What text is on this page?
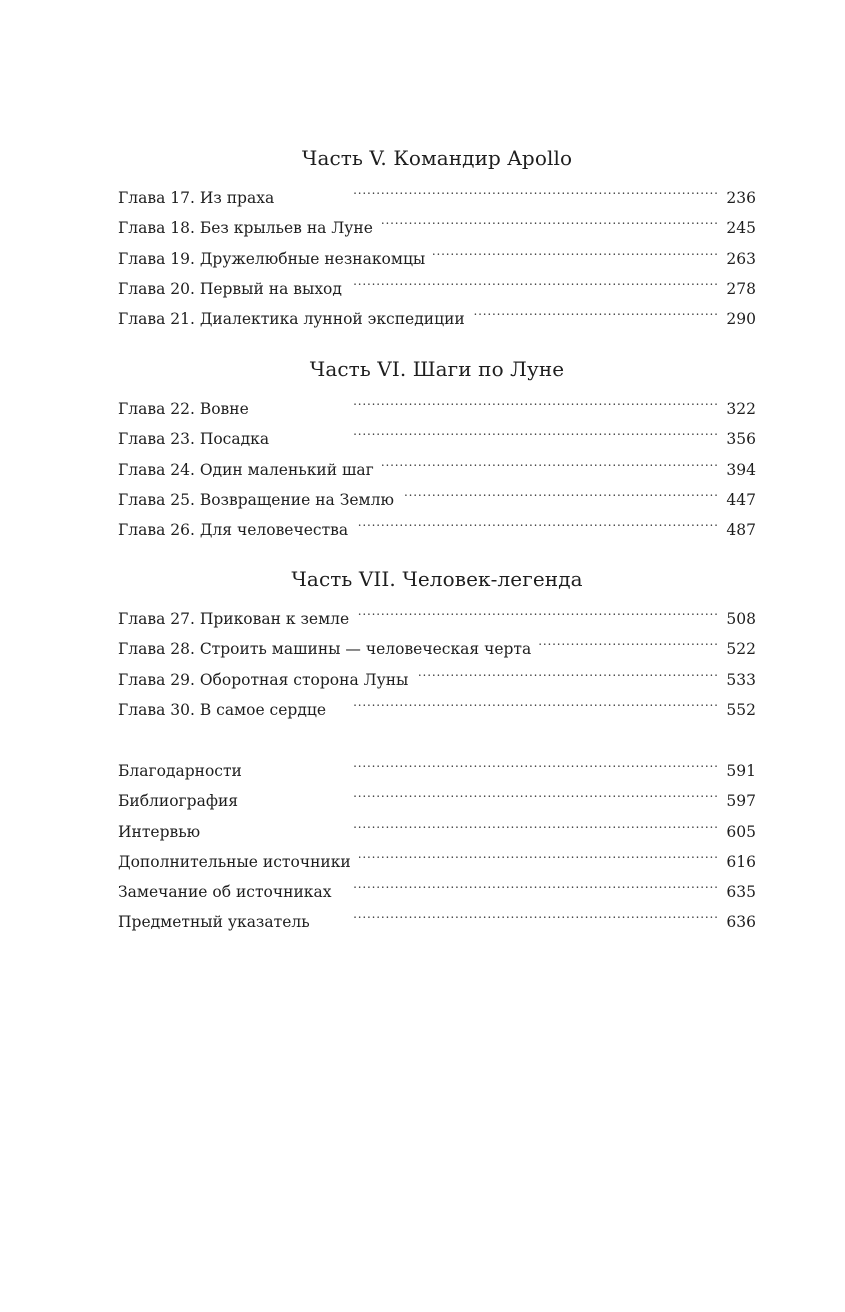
Часть V. Командир Apollo
Глава 17. Из праха . . .	236
Глава 18. Без крыльев на Луне . . .	245
Глава 19. Дружелюбные незнакомцы . . .	263
Глава 20. Первый на выход . . .	278
Глава 21. Диалектика лунной экспедиции . . .	290
Часть VI. Шаги по Луне
Глава 22. Вовне . . .	322
Глава 23. Посадка . . .	356
Глава 24. Один маленький шаг . . .	394
Глава 25. Возвращение на Землю . . .	447
Глава 26. Для человечества . . .	487
Часть VII. Человек-легенда
Глава 27. Прикован к земле . . .	508
Глава 28. Строить машины — человеческая черта . . .	522
Глава 29. Оборотная сторона Луны . . .	533
Глава 30. В самое сердце . . .	552
Благодарности . . .	591
Библиография . . .	597
Интервью . . .	605
Дополнительные источники . . .	616
Замечание об источниках . . .	635
Предметный указатель . . .	636
